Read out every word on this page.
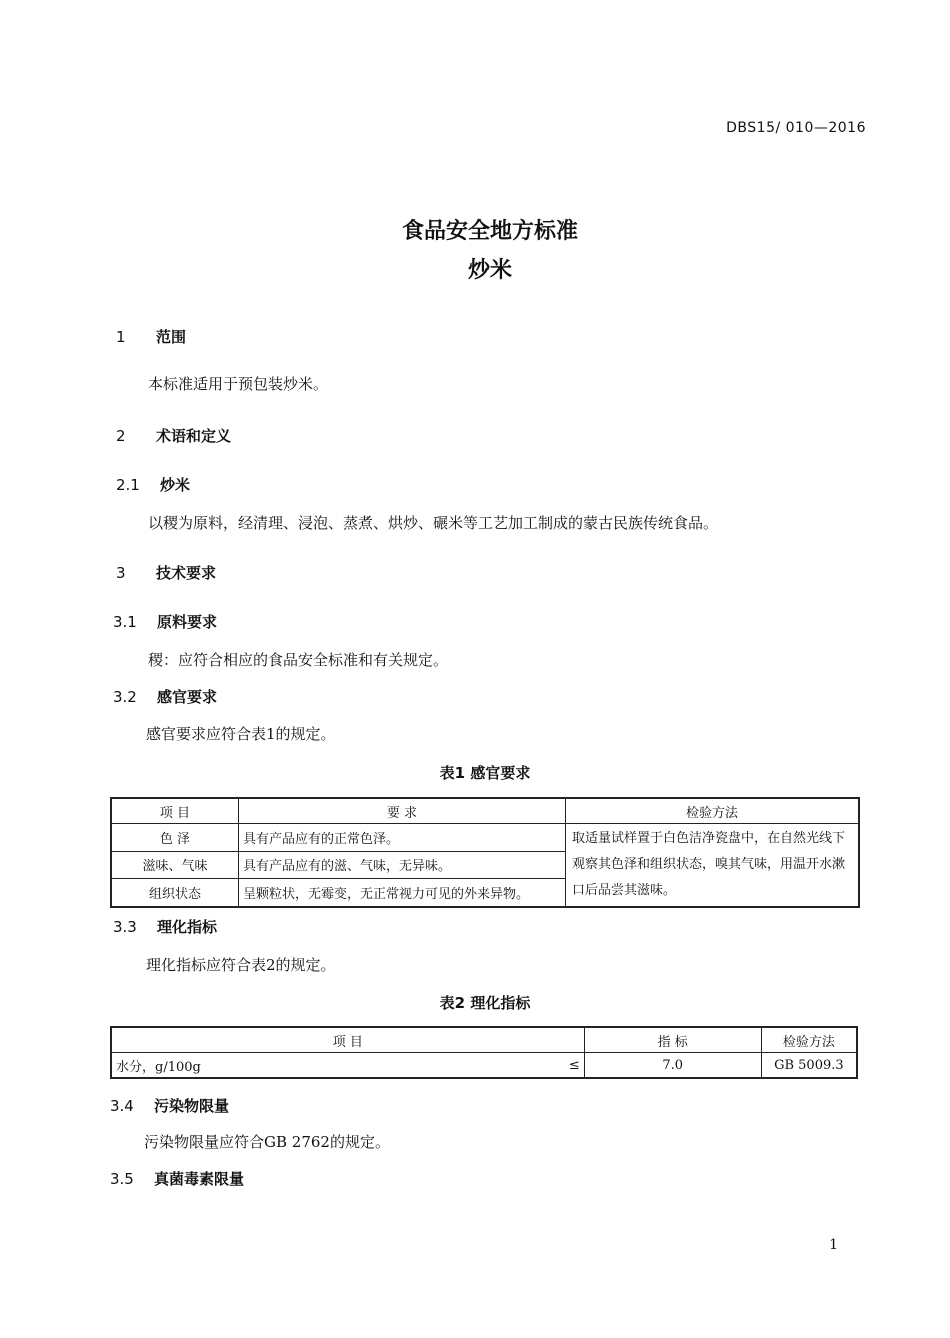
DBS15/ 010—2016
食品安全地方标准
炒米
1 范围
本标准适用于预包装炒米。
2 术语和定义
2.1 炒米
以稷为原料，经清理、浸泡、蒸煮、烘炒、碾米等工艺加工制成的蒙古民族传统食品。
3 技术要求
3.1 原料要求
稷：应符合相应的食品安全标准和有关规定。
3.2 感官要求
感官要求应符合表1的规定。
表1 感官要求
项 目	要 求	检验方法
色 泽	具有产品应有的正常色泽。	取适量试样置于白色洁净瓷盘中，在自然光线下观察其色泽和组织状态，嗅其气味，用温开水漱口后品尝其滋味。
滋味、气味	具有产品应有的滋、气味，无异味。	
组织状态	呈颗粒状，无霉变，无正常视力可见的外来异物。	
3.3 理化指标
理化指标应符合表2的规定。
表2 理化指标
项 目		指 标	检验方法
水分，g/100g	≤	7.0	GB 5009.3
3.4 污染物限量
污染物限量应符合GB 2762的规定。
3.5 真菌毒素限量
1
